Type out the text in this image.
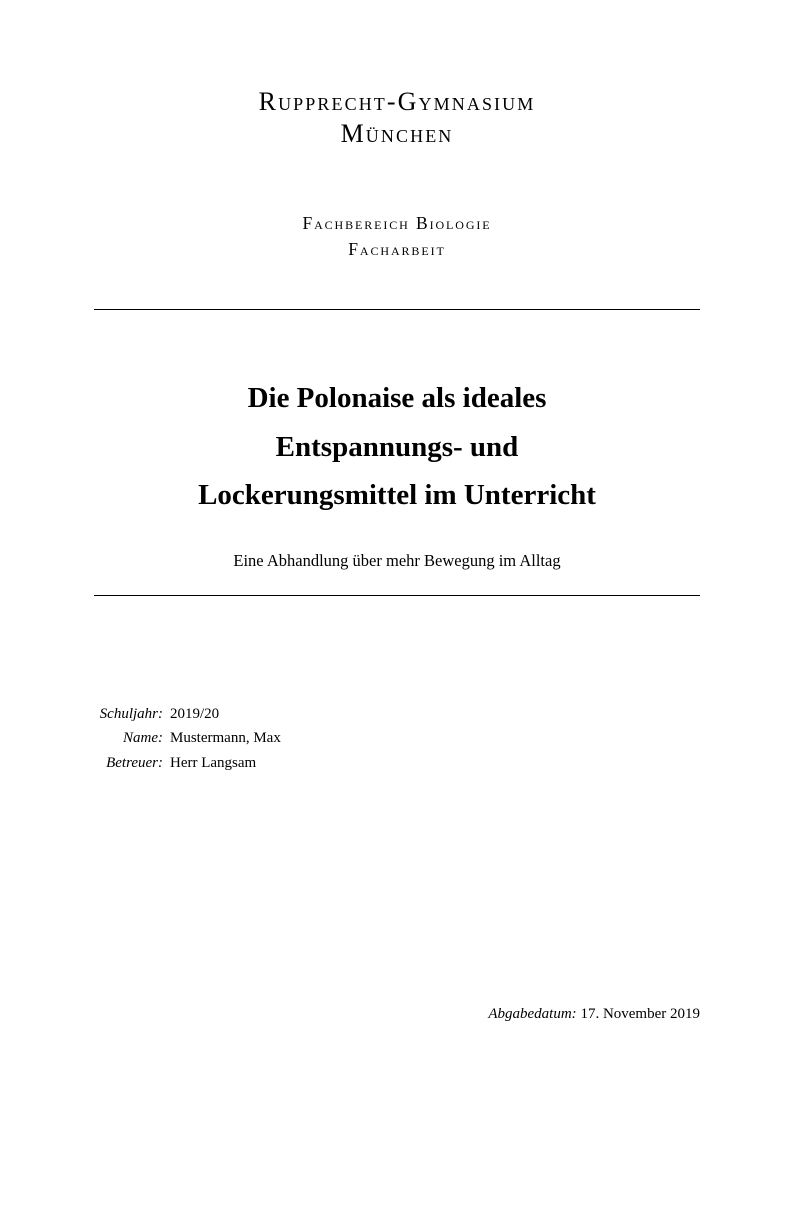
Rupprecht-Gymnasium
München
Fachbereich Biologie
Facharbeit
Die Polonaise als ideales
Entspannungs- und
Lockerungsmittel im Unterricht
Eine Abhandlung über mehr Bewegung im Alltag
Schuljahr: 2019/20
Name: Mustermann, Max
Betreuer: Herr Langsam
Abgabedatum: 17. November 2019
